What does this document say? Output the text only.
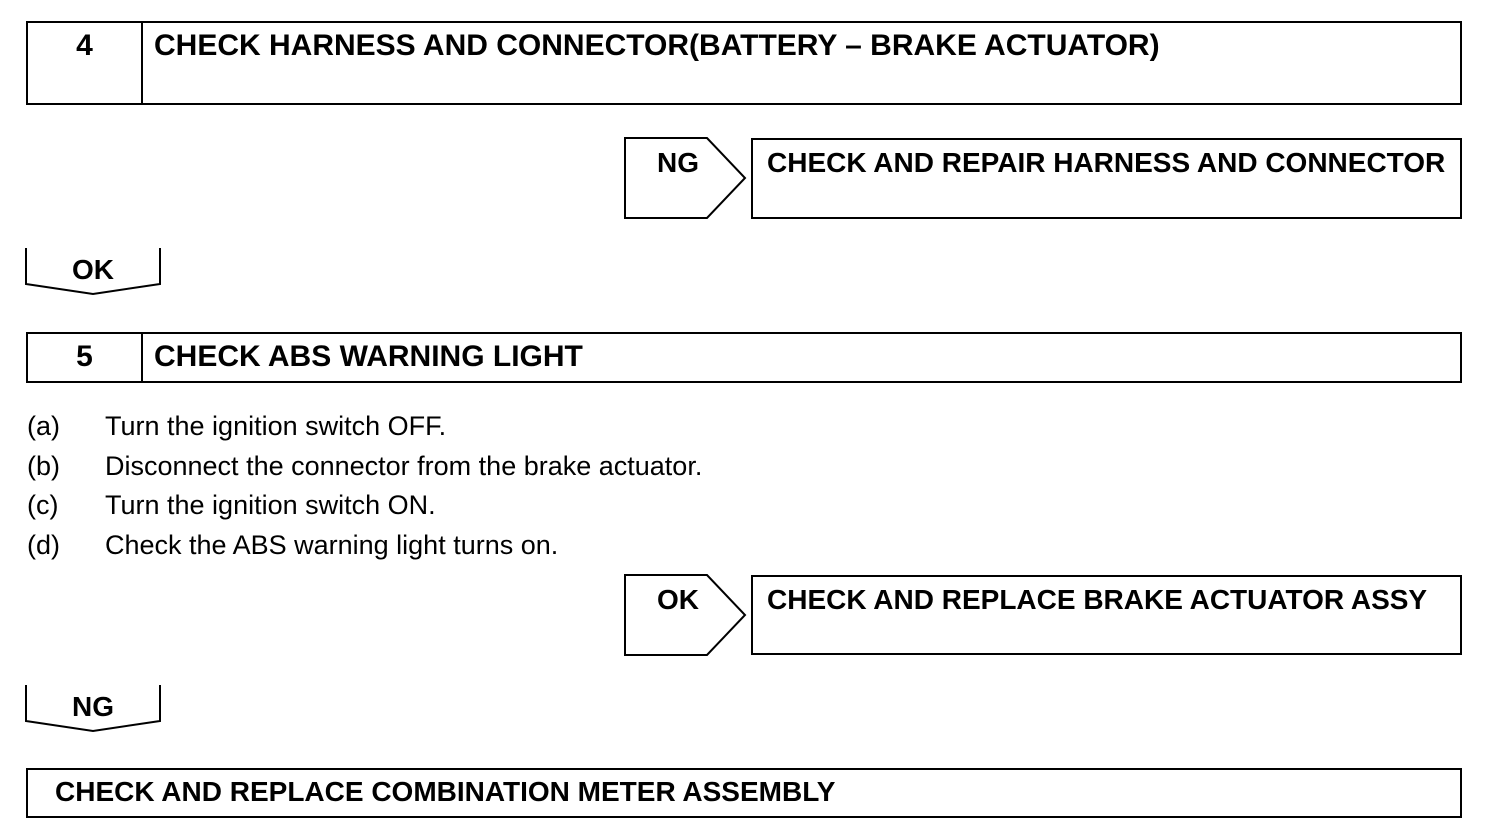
4	CHECK HARNESS AND CONNECTOR(BATTERY – BRAKE ACTUATOR)
NG	CHECK AND REPAIR HARNESS AND CONNECTOR
OK
5	CHECK ABS WARNING LIGHT
(a) Turn the ignition switch OFF.
(b) Disconnect the connector from the brake actuator.
(c) Turn the ignition switch ON.
(d) Check the ABS warning light turns on.
OK	CHECK AND REPLACE BRAKE ACTUATOR ASSY
NG
CHECK AND REPLACE COMBINATION METER ASSEMBLY
